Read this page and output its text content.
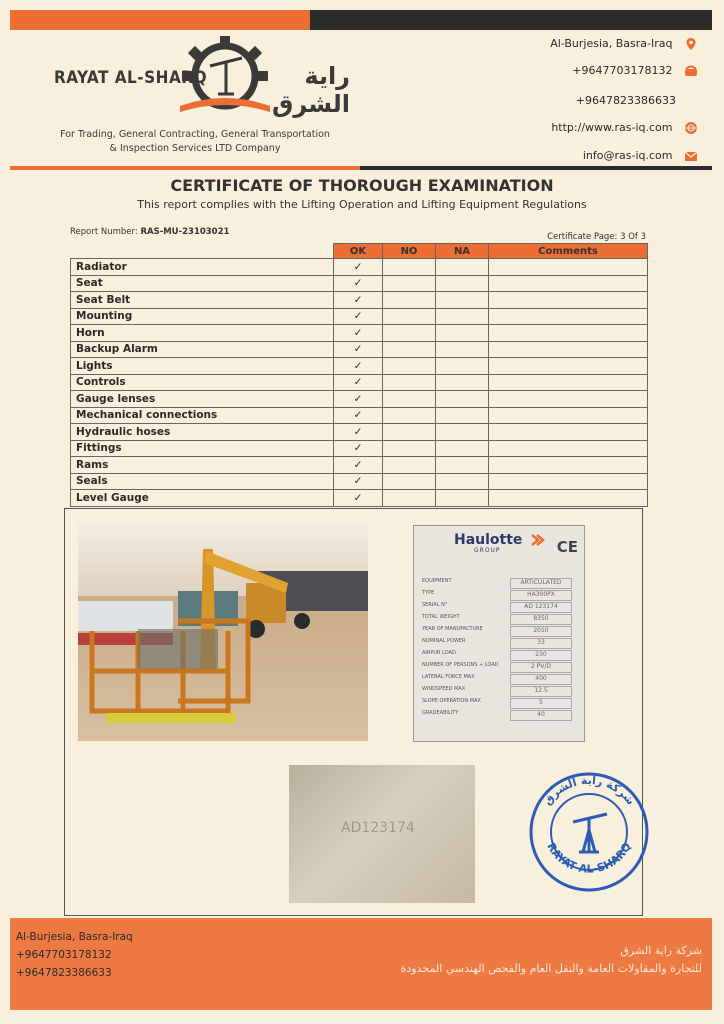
RAYAT AL-SHARQ	راية الشرق
For Trading, General Contracting, General Transportation
& Inspection Services LTD Company
Al-Burjesia, Basra-Iraq
+9647703178132
+9647823386633
http://www.ras-iq.com
info@ras-iq.com
CERTIFICATE OF THOROUGH EXAMINATION
This report complies with the Lifting Operation and Lifting Equipment Regulations
Report Number: RAS-MU-23103021	Certificate Page: 3 Of 3
	OK	NO	NA	Comments
Radiator	✓			
Seat	✓			
Seat Belt	✓			
Mounting	✓			
Horn	✓			
Backup Alarm	✓			
Lights	✓			
Controls	✓			
Gauge lenses	✓			
Mechanical connections	✓			
Hydraulic hoses	✓			
Fittings	✓			
Rams	✓			
Seals	✓			
Level Gauge	✓			
Haulotte
GROUP	CE
EQUIPMENT	ARTICULATED
TYPE	HA300PX
SERIAL N°	AD 123174
TOTAL WEIGHT	8350
YEAR OF MANUFACTURE	2010
NOMINAL POWER	33
AIRPUR LOAD	230
NUMBER OF PERSONS + LOAD	2 PV/D
LATERAL FORCE MAX	400
WINDSPEED MAX	12.5
SLOPE OPERATION MAX	5
GRADEABILITY	40
AD123174
شركة راية الشرق
RAYAT AL-SHARQ
Al-Burjesia, Basra-Iraq
+9647703178132
+9647823386633
شركة راية الشرق
للتجارة والمقاولات العامة والنقل العام والفحص الهندسي المحدودة
